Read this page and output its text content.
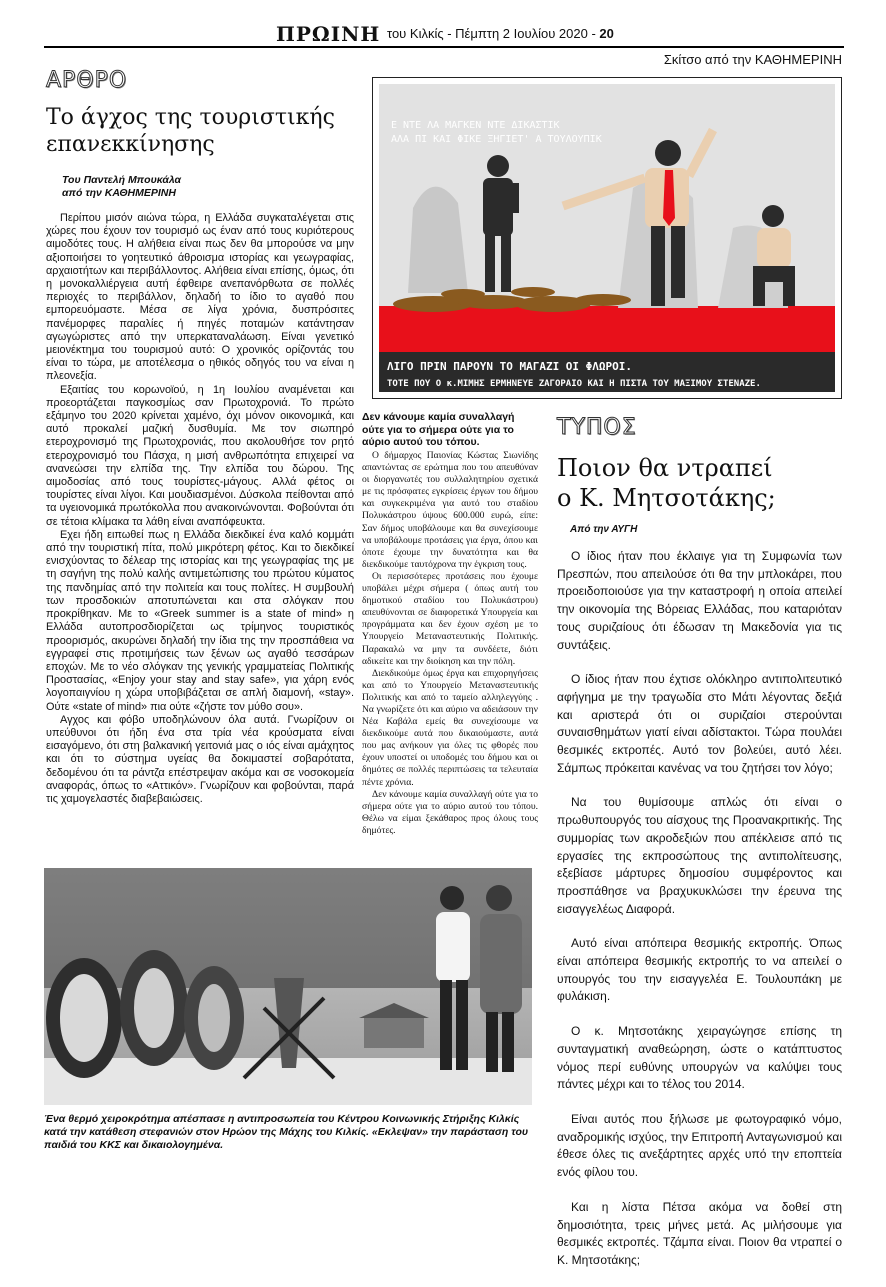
ΠΡΩΙΝΗ του Κιλκίς - Πέμπτη 2 Ιουλίου 2020 - 20
Σκίτσο από την ΚΑΘΗΜΕΡΙΝΗ
ΑΡΘΡΟ
Το άγχος της τουριστικής
επανεκκίνησης
Του Παντελή Μπουκάλα
από την ΚΑΘΗΜΕΡΙΝΗ

Περίπου μισόν αιώνα τώρα, η Ελλάδα συγκαταλέγεται στις χώρες που έχουν τον τουρισμό ως έναν από τους κυριότερους αιμοδότες τους. Η αλήθεια είναι πως δεν θα μπορούσε να μην αξιοποιήσει το γοητευτικό άθροισμα ιστορίας και γεωγραφίας, αρχαιοτήτων και περιβάλλοντος. Αλήθεια είναι επίσης, όμως, ότι η μονοκαλλιέργεια αυτή έφθειρε ανεπανόρθωτα σε πολλές περιοχές το περιβάλλον, δηλαδή το ίδιο το αγαθό που εμπορευόμαστε. Μέσα σε λίγα χρόνια, δυσπρόσιτες πανέμορφες παραλίες ή πηγές ποταμών κατάντησαν αγωγώριστες από την υπερκαταναλάωση. Είναι γενετικό μειονέκτημα του τουρισμού αυτό: Ο χρονικός ορίζοντάς του είναι το τώρα, με αποτέλεσμα ο ηθικός οδηγός του να είναι η πλεονεξία.

Εξαιτίας του κορωνοϊού, η 1η Ιουλίου αναμένεται και προεορτάζεται παγκοσμίως σαν Πρωτοχρονιά. Το πρώτο εξάμηνο του 2020 κρίνεται χαμένο, όχι μόνον οικονομικά, και αυτό προκαλεί μαζική δυσθυμία. Με τον σιωπηρό ετεροχρονισμό της Πρωτοχρονιάς, που ακολουθήσε τον ρητό ετεροχρονισμό του Πάσχα, η μισή ανθρωπότητα επιχειρεί να ανανεώσει την ελπίδα της. Την ελπίδα του δώρου. Της αιμοδοσίας από τους τουρίστες-μάγους. Αλλά φέτος οι τουρίστες είναι λίγοι. Και μουδιασμένοι. Δύσκολα πείθονται από τα υγειονομικά πρωτόκολλα που ανακοινώνονται. Φοβούνται ότι σε τέτοια κλίμακα τα λάθη είναι αναπόφευκτα.

Εχει ήδη ειπωθεί πως η Ελλάδα διεκδικεί ένα καλό κομμάτι από την τουριστική πίτα, πολύ μικρότερη φέτος. Και το διεκδικεί ενισχύοντας το δέλεαρ της ιστορίας και της γεωγραφίας της με τη σαγήνη της πολύ καλής αντιμετώπισης του πρώτου κύματος της πανδημίας από την πολιτεία και τους πολίτες. Η συμβουλή των προσδοκιών αποτυπώνεται και στα σλόγκαν που προκρίθηκαν. Με το «Greek summer is a state of mind» η Ελλάδα αυτοπροσδιορίζεται ως τρίμηνος τουριστικός προορισμός, ακυρώνει δηλαδή την ίδια της την προσπάθεια να εγγραφεί στις προτιμήσεις των ξένων ως αγαθό τεσσάρων εποχών. Με το νέο σλόγκαν της γενικής γραμματείας Πολιτικής Προστασίας, «Enjoy your stay and stay safe», για χάρη ενός λογοπαιγνίου η χώρα υποβιβάζεται σε απλή διαμονή, «stay». Ούτε «state of mind» πια ούτε «ζήστε τον μύθο σου».

Αγχος και φόβο υποδηλώνουν όλα αυτά. Γνωρίζουν οι υπεύθυνοι ότι ήδη ένα στα τρία νέα κρούσματα είναι εισαγόμενο, ότι στη βαλκανική γειτονιά μας ο ιός είναι αμάχητος και ότι το σύστημα υγείας θα δοκιμαστεί σοβαρότατα, δεδομένου ότι τα ράντζα επέστρεψαν ακόμα και σε νοσοκομεία αναφοράς, όπως το «Αττικόν». Γνωρίζουν και φοβούνται, παρά τις χαμογελαστές διαβεβαιώσεις.

Ε ΝΤΕ ΛΑ ΜΑΓΚΕΝ ΝΤΕ ΔΙΚΑΣΤΙΚ
ΑΛΑ ΠΙ ΚΑΙ ΦΙΚΕ ΞΗΓΙΕΤ' Α ΤΟΥΛΟΥΠΙΚ
ΛΙΓΟ ΠΡΙΝ ΠΑΡΟΥΝ ΤΟ ΜΑΓΑΖΙ ΟΙ ΦΛΩΡΟΙ.
ΤΟΤΕ ΠΟΥ Ο κ.ΜΙΜΗΣ ΕΡΜΗΝΕΥΕ ΖΑΓΟΡΑΙΟ ΚΑΙ Η ΠΙΣΤΑ ΤΟΥ ΜΑΞΙΜΟΥ ΣΤΕΝΑΖΕ.
Δεν κάνουμε καμία συναλλαγή ούτε για το σήμερα ούτε για το αύριο αυτού του τόπου.

Ο δήμαρχος Παιονίας Κώστας Σιωνίδης απαντώντας σε ερώτημα που του απευθύναν οι διοργανωτές του συλλαλητηρίου σχετικά με τις πρόσφατες εγκρίσεις έργων του δήμου και συγκεκριμένα για αυτό του σταδίου Πολυκάστρου ύψους 600.000 ευρώ, είπε: Σαν δήμος υποβάλουμε και θα συνεχίσουμε να υποβάλουμε προτάσεις για έργα, όπου και όποτε έχουμε την δυνατότητα και θα διεκδικούμε ταυτόχρονα την έγκριση τους.

Οι περισσότερες προτάσεις που έχουμε υποβάλει μέχρι σήμερα ( όπως αυτή του δημοτικού σταδίου του Πολυκάστρου) απευθύνονται σε διαφορετικά Υπουργεία και προγράμματα και δεν έχουν σχέση με το Υπουργείο Μεταναστευτικής Πολιτικής. Παρακαλώ να μην τα συνδέετε, διότι αδικείτε και την διοίκηση και την πόλη.

Διεκδικούμε όμως έργα και επιχορηγήσεις και από το Υπουργείο Μεταναστευτικής Πολιτικής και από το ταμείο αλληλεγγύης . Να γνωρίζετε ότι και αύριο να αδειάσουν την Νέα Καβάλα εμείς θα συνεχίσουμε να διεκδικούμε αυτά που δικαιούμαστε, αυτά που μας ανήκουν για όλες τις φθορές που έχουν υποστεί οι υποδομές του δήμου και οι δημότες σε πολλές περιπτώσεις τα τελευταία πέντε χρόνια.

Δεν κάνουμε καμία συναλλαγή ούτε για το σήμερα ούτε για το αύριο αυτού του τόπου. Θέλω να είμαι ξεκάθαρος προς όλους τους δημότες.

ΤΥΠΟΣ
Ποιον θα ντραπεί
ο Κ. Μητσοτάκης;
Από την ΑΥΓΗ

Ο ίδιος ήταν που έκλαιγε για τη Συμφωνία των Πρεσπών, που απειλούσε ότι θα την μπλοκάρει, που προειδοποιούσε για την καταστροφή η οποία απειλεί την οικονομία της Βόρειας Ελλάδας, που καταριόταν τους συριζαίους ότι έδωσαν τη Μακεδονία για τις συντάξεις.

Ο ίδιος ήταν που έχτισε ολόκληρο αντιπολιτευτικό αφήγημα με την τραγωδία στο Μάτι λέγοντας δεξιά και αριστερά ότι οι συριζαίοι στερούνται συναισθημάτων γιατί είναι αδίστακτοι. Τώρα πουλάει θεσμικές εκτροπές. Αυτό τον βολεύει, αυτό λέει. Σάμπως πρόκειται κανένας να του ζητήσει τον λόγο;

Να του θυμίσουμε απλώς ότι είναι ο πρωθυπουργός του αίσχους της Προανακριτικής. Της συμμορίας των ακροδεξιών που απέκλεισε από τις εργασίες της εκπροσώπους της αντιπολίτευσης, εξεβίασε μάρτυρες δημοσίου συμφέροντος και προσπάθησε να βραχυκυκλώσει την έρευνα της εισαγγελέως Διαφορά.

Αυτό είναι απόπειρα θεσμικής εκτροπής. Όπως είναι απόπειρα θεσμικής εκτροπής το να απειλεί ο υπουργός του την εισαγγελέα Ε. Τουλουπάκη με φυλάκιση.

Ο κ. Μητσοτάκης χειραγώγησε επίσης τη συνταγματική αναθεώρηση, ώστε ο κατάπτυστος νόμος περί ευθύνης υπουργών να καλύψει τους πάντες μέχρι και το τέλος του 2014.

Είναι αυτός που ξήλωσε με φωτογραφικό νόμο, αναδρομικής ισχύος, την Επιτροπή Ανταγωνισμού και έθεσε όλες τις ανεξάρτητες αρχές υπό την εποπτεία ενός φίλου του.

Και η λίστα Πέτσα ακόμα να δοθεί στη δημοσιότητα, τρεις μήνες μετά. Ας μιλήσουμε για θεσμικές εκτροπές. Τζάμπα είναι. Ποιον θα ντραπεί ο Κ. Μητσοτάκης;

Ένα θερμό χειροκρότημα απέσπασε η αντιπροσωπεία του Κέντρου Κοινωνικής Στήριξης Κιλκίς κατά την κατάθεση στεφανιών στον Ηρώον της Μάχης του Κιλκίς. «Εκλεψαν» την παράσταση του παιδιά του ΚΚΣ και δικαιολογημένα.
